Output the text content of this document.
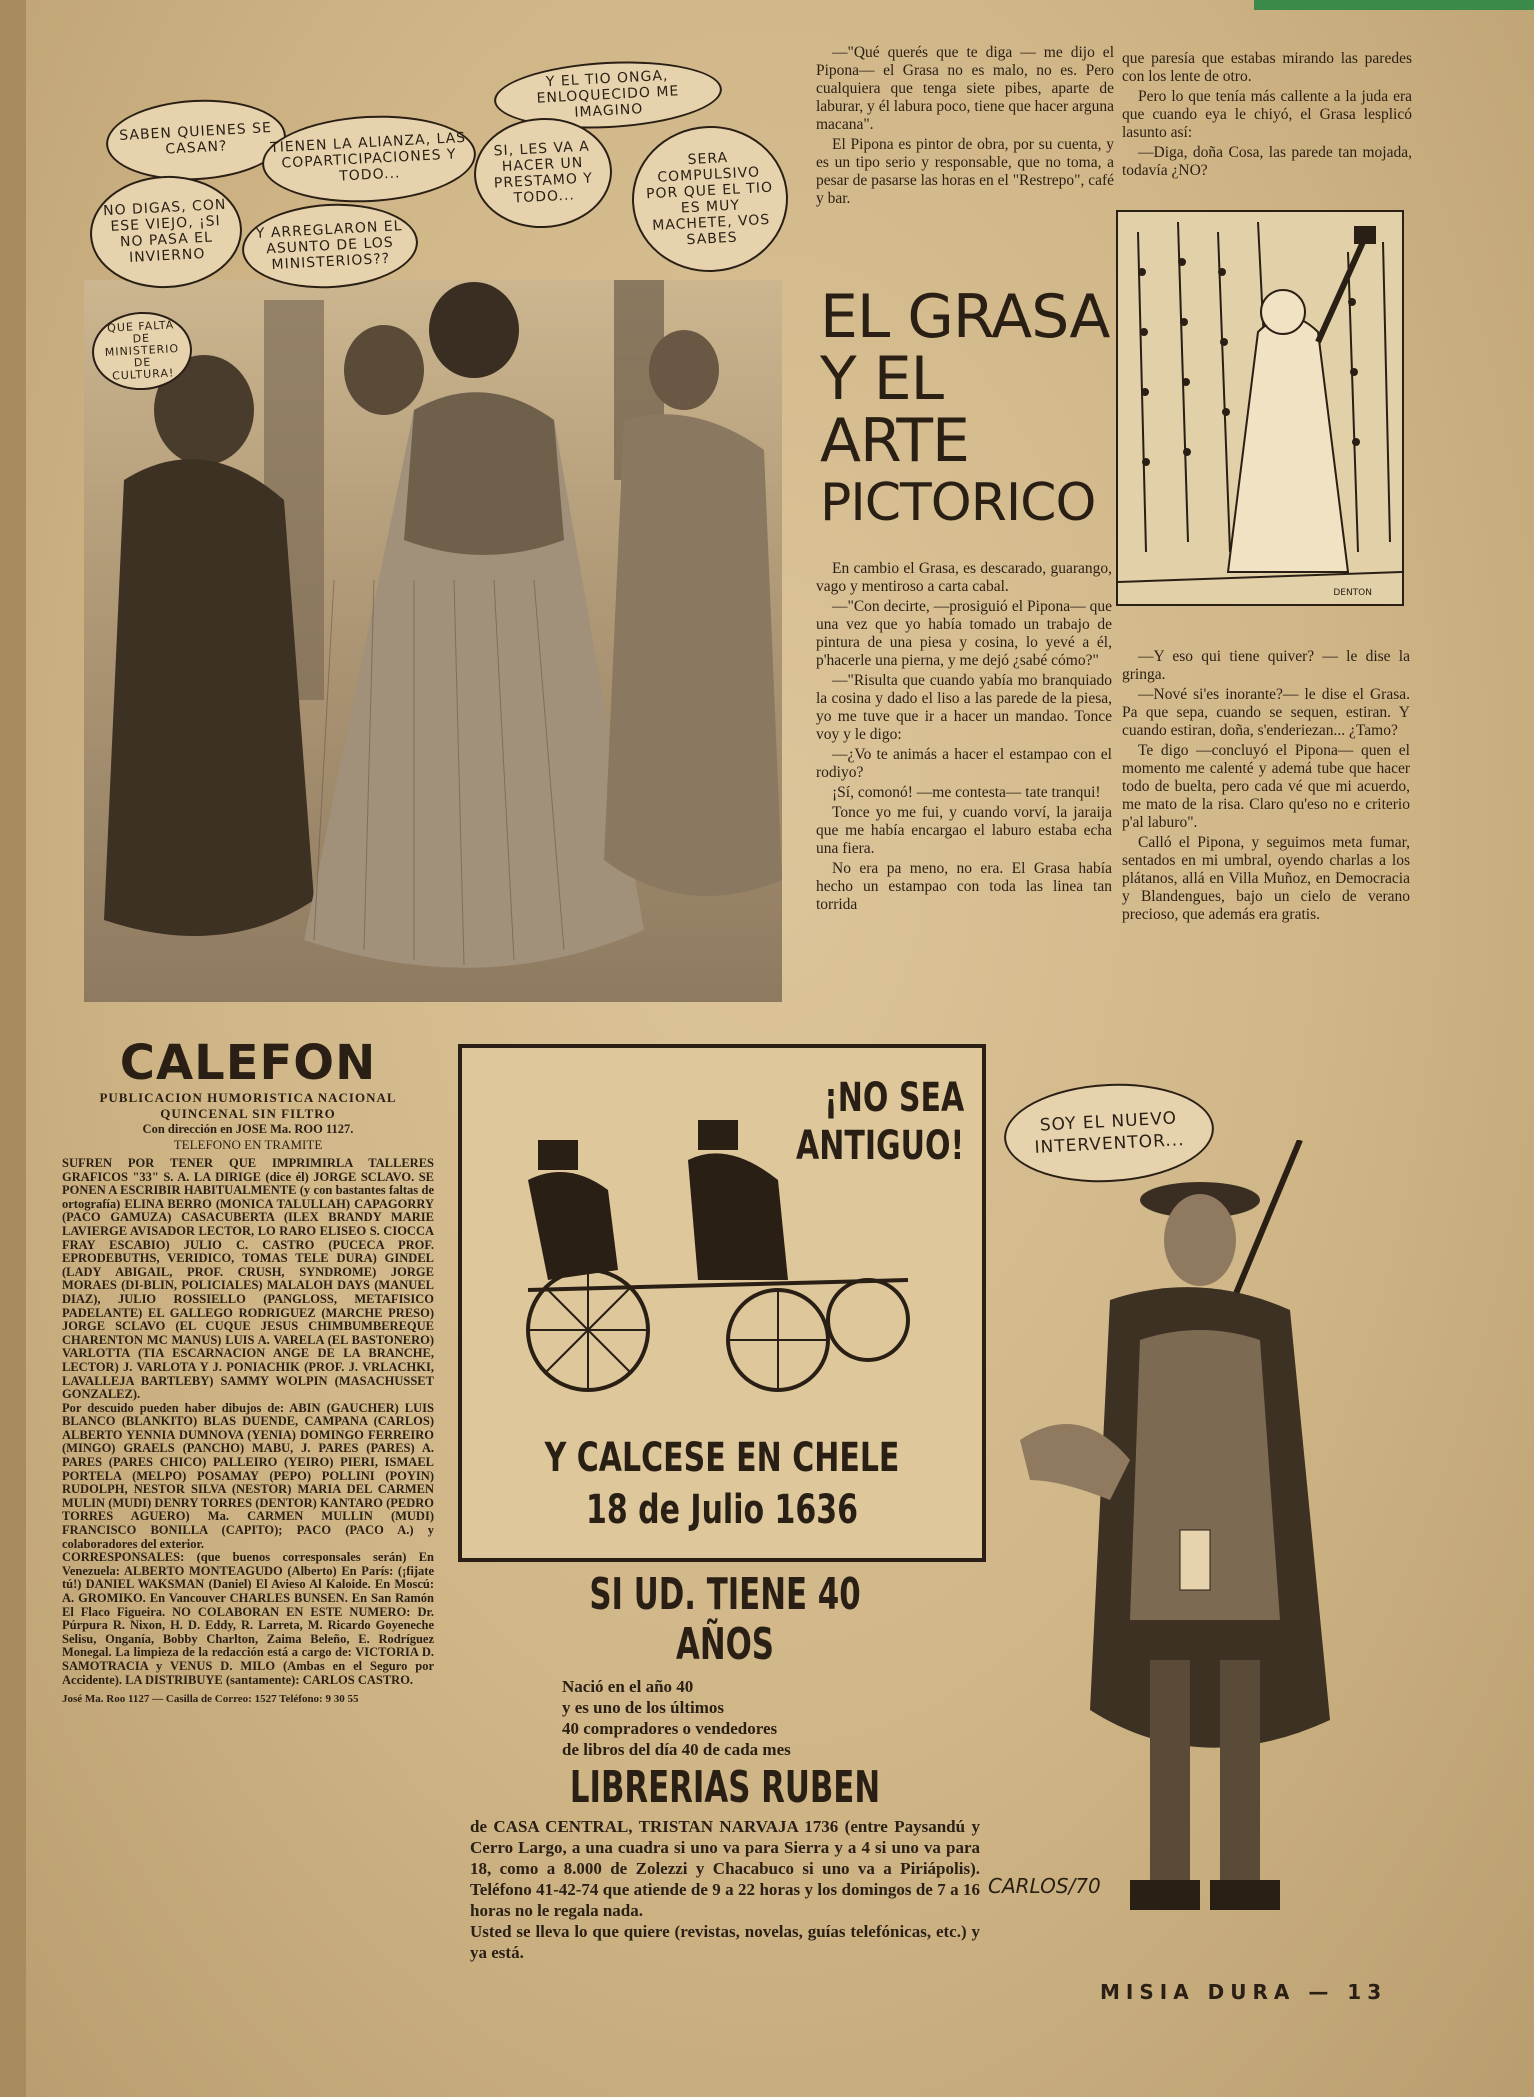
SABEN QUIENES SE CASAN?	TIENEN LA ALIANZA, LAS COPARTICIPACIONES Y TODO...
Y EL TIO ONGA, ENLOQUECIDO ME IMAGINO
SI, LES VA A HACER UN PRESTAMO Y TODO...
SERA COMPULSIVO POR QUE EL TIO ES MUY MACHETE, VOS SABES
NO DIGAS, CON ESE VIEJO, ¡SI NO PASA EL INVIERNO
Y ARREGLARON EL ASUNTO DE LOS MINISTERIOS??
QUE FALTA DE MINISTERIO DE CULTURA!

—"Qué querés que te diga — me dijo el Pipona— el Grasa no es malo, no es. Pero cualquiera que tenga siete pibes, aparte de laburar, y él labura poco, tiene que hacer arguna macana".

El Pipona es pintor de obra, por su cuenta, y es un tipo serio y responsable, que no toma, a pesar de pasarse las horas en el "Restrepo", café y bar.

que paresía que estabas mirando las paredes con los lente de otro.

Pero lo que tenía más callente a la juda era que cuando eya le chiyó, el Grasa lesplicó lasunto así:

—Diga, doña Cosa, las parede tan mojada, todavía ¿NO?

EL GRASA

Y EL

ARTE

PICTORICO

DENTON

En cambio el Grasa, es descarado, guarango, vago y mentiroso a carta cabal.

—"Con decirte, —prosiguió el Pipona— que una vez que yo había tomado un trabajo de pintura de una piesa y cosina, lo yevé a él, p'hacerle una pierna, y me dejó ¿sabé cómo?"

—"Risulta que cuando yabía mo branquiado la cosina y dado el liso a las parede de la piesa, yo me tuve que ir a hacer un mandao. Tonce voy y le digo:

—¿Vo te animás a hacer el estampao con el rodiyo?

¡Sí, comonó! —me contesta— tate tranqui!

Tonce yo me fui, y cuando vorví, la jaraija que me había encargao el laburo estaba echa una fiera.

No era pa meno, no era. El Grasa había hecho un estampao con toda las linea tan torrida

—Y eso qui tiene quiver? — le dise la gringa.

—Nové si'es inorante?— le dise el Grasa. Pa que sepa, cuando se sequen, estiran. Y cuando estiran, doña, s'enderiezan... ¿Tamo?

Te digo —concluyó el Pipona— quen el momento me calenté y ademá tube que hacer todo de buelta, pero cada vé que mi acuerdo, me mato de la risa. Claro qu'eso no e criterio p'al laburo".

Calló el Pipona, y seguimos meta fumar, sentados en mi umbral, oyendo charlas a los plátanos, allá en Villa Muñoz, en Democracia y Blandengues, bajo un cielo de verano precioso, que además era gratis.

CALEFON
PUBLICACION HUMORISTICA NACIONAL
QUINCENAL SIN FILTRO
Con dirección en JOSE Ma. ROO 1127.
TELEFONO EN TRAMITE

SUFREN POR TENER QUE IMPRIMIRLA TALLERES GRAFICOS "33" S. A. LA DIRIGE (dice él) JORGE SCLAVO. SE PONEN A ESCRIBIR HABITUALMENTE (y con bastantes faltas de ortografía) ELINA BERRO (MONICA TALULLAH) CAPAGORRY (PACO GAMUZA) CASACUBERTA (ILEX BRANDY MARIE LAVIERGE AVISADOR LECTOR, LO RARO ELISEO S. CIOCCA FRAY ESCABIO) JULIO C. CASTRO (PUCECA PROF. EPRODEBUTHS, VERIDICO, TOMAS TELE DURA) GINDEL (LADY ABIGAIL, PROF. CRUSH, SYNDROME) JORGE MORAES (DI-BLIN, POLICIALES) MALALOH DAYS (MANUEL DIAZ), JULIO ROSSIELLO (PANGLOSS, METAFISICO PADELANTE) EL GALLEGO RODRIGUEZ (MARCHE PRESO) JORGE SCLAVO (EL CUQUE JESUS CHIMBUMBEREQUE CHARENTON MC MANUS) LUIS A. VARELA (EL BASTONERO) VARLOTTA (TIA ESCARNACION ANGE DE LA BRANCHE, LECTOR) J. VARLOTA Y J. PONIACHIK (PROF. J. VRLACHKI, LAVALLEJA BARTLEBY) SAMMY WOLPIN (MASACHUSSET GONZALEZ).

Por descuido pueden haber dibujos de: ABIN (GAUCHER) LUIS BLANCO (BLANKITO) BLAS DUENDE, CAMPANA (CARLOS) ALBERTO YENNIA DUMNOVA (YENIA) DOMINGO FERREIRO (MINGO) GRAELS (PANCHO) MABU, J. PARES (PARES) A. PARES (PARES CHICO) PALLEIRO (YEIRO) PIERI, ISMAEL PORTELA (MELPO) POSAMAY (PEPO) POLLINI (POYIN) RUDOLPH, NESTOR SILVA (NESTOR) MARIA DEL CARMEN MULIN (MUDI) DENRY TORRES (DENTOR) KANTARO (PEDRO TORRES AGUERO) Ma. CARMEN MULLIN (MUDI) FRANCISCO BONILLA (CAPITO); PACO (PACO A.) y colaboradores del exterior.

CORRESPONSALES: (que buenos corresponsales serán) En Venezuela: ALBERTO MONTEAGUDO (Alberto) En París: (¡fijate tú!) DANIEL WAKSMAN (Daniel) El Avieso Al Kaloide. En Moscú: A. GROMIKO. En Vancouver CHARLES BUNSEN. En San Ramón El Flaco Figueira. NO COLABORAN EN ESTE NUMERO: Dr. Púrpura R. Nixon, H. D. Eddy, R. Larreta, M. Ricardo Goyeneche Selisu, Onganía, Bobby Charlton, Zaima Beleño, E. Rodríguez Monegal. La limpieza de la redacción está a cargo de: VICTORIA D. SAMOTRACIA y VENUS D. MILO (Ambas en el Seguro por Accidente). LA DISTRIBUYE (santamente): CARLOS CASTRO.

José Ma. Roo 1127 — Casilla de Correo: 1527 Teléfono: 9 30 55

¡NO SEA
ANTIGUO!
Y CALCESE EN CHELE
18 de Julio 1636
SI UD. TIENE 40 AÑOS
Nació en el año 40
y es uno de los últimos
40 compradores o vendedores
de libros del día 40 de cada mes
LIBRERIAS RUBEN

de CASA CENTRAL, TRISTAN NARVAJA 1736 (entre Paysandú y Cerro Largo, a una cuadra si uno va para Sierra y a 4 si uno va para 18, como a 8.000 de Zolezzi y Chacabuco si uno va a Piriápolis). Teléfono 41-42-74 que atiende de 9 a 22 horas y los domingos de 7 a 16 horas no le regala nada.

Usted se lleva lo que quiere (revistas, novelas, guías telefónicas, etc.) y ya está.

SOY EL NUEVO INTERVENTOR...
CARLOS/70
MISIA DURA — 13
